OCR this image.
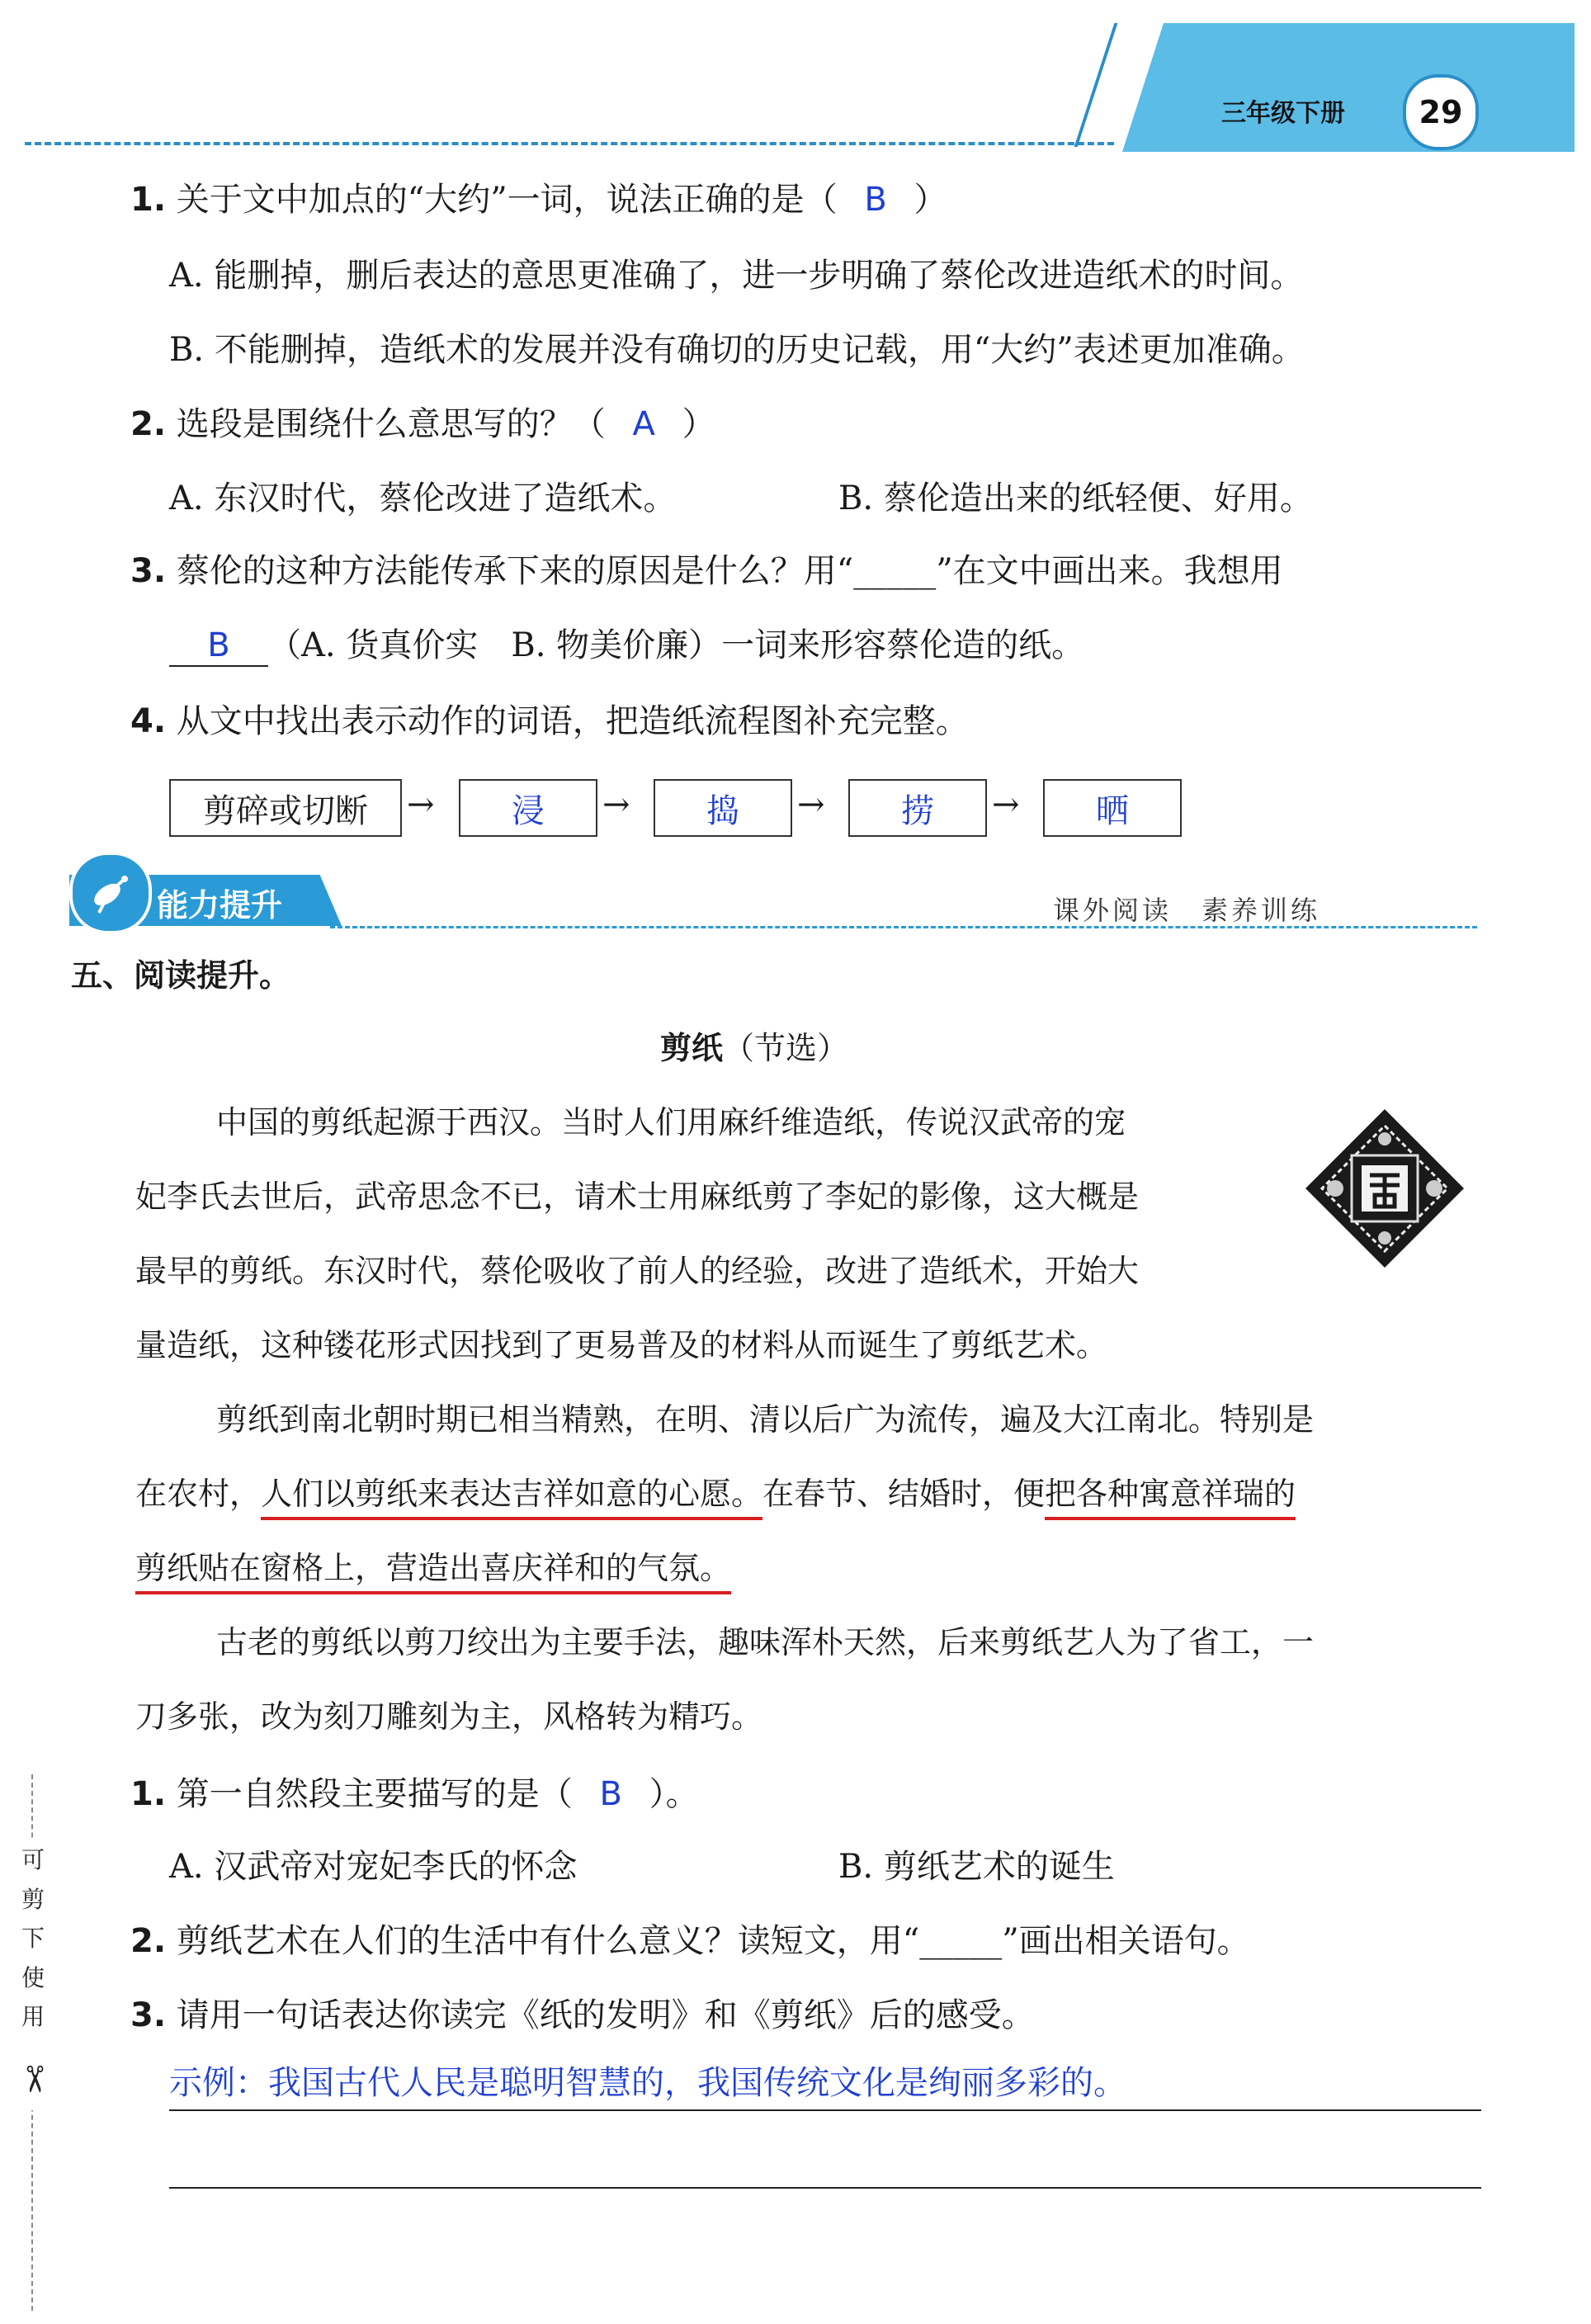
三年级下册	29
1. 关于文中加点的“大约”一词，说法正确的是（ B ）
A. 能删掉，删后表达的意思更准确了，进一步明确了蔡伦改进造纸术的时间。
B. 不能删掉，造纸术的发展并没有确切的历史记载，用“大约”表述更加准确。
2. 选段是围绕什么意思写的？（ A ）
A. 东汉时代，蔡伦改进了造纸术。	B. 蔡伦造出来的纸轻便、好用。
3. 蔡伦的这种方法能传承下来的原因是什么？用“_____”在文中画出来。我想用
B （A. 货真价实　B. 物美价廉）一词来形容蔡伦造的纸。
4. 从文中找出表示动作的词语，把造纸流程图补充完整。
剪碎或切断	→	浸	→	捣	→	捞	→	晒
能力提升	课外阅读　素养训练
五、阅读提升。
剪纸（节选）
中国的剪纸起源于西汉。当时人们用麻纤维造纸，传说汉武帝的宠
妃李氏去世后，武帝思念不已，请术士用麻纸剪了李妃的影像，这大概是
最早的剪纸。东汉时代，蔡伦吸收了前人的经验，改进了造纸术，开始大
量造纸，这种镂花形式因找到了更易普及的材料从而诞生了剪纸艺术。
剪纸到南北朝时期已相当精熟，在明、清以后广为流传，遍及大江南北。特别是
在农村，人们以剪纸来表达吉祥如意的心愿。在春节、结婚时，便把各种寓意祥瑞的
剪纸贴在窗格上，营造出喜庆祥和的气氛。
古老的剪纸以剪刀绞出为主要手法，趣味浑朴天然，后来剪纸艺人为了省工，一
刀多张，改为刻刀雕刻为主，风格转为精巧。
1. 第一自然段主要描写的是（ B ）。
A. 汉武帝对宠妃李氏的怀念	B. 剪纸艺术的诞生
2. 剪纸艺术在人们的生活中有什么意义？读短文，用“_____”画出相关语句。
3. 请用一句话表达你读完《纸的发明》和《剪纸》后的感受。
示例：我国古代人民是聪明智慧的，我国传统文化是绚丽多彩的。
可
剪
下
使
用
✂
